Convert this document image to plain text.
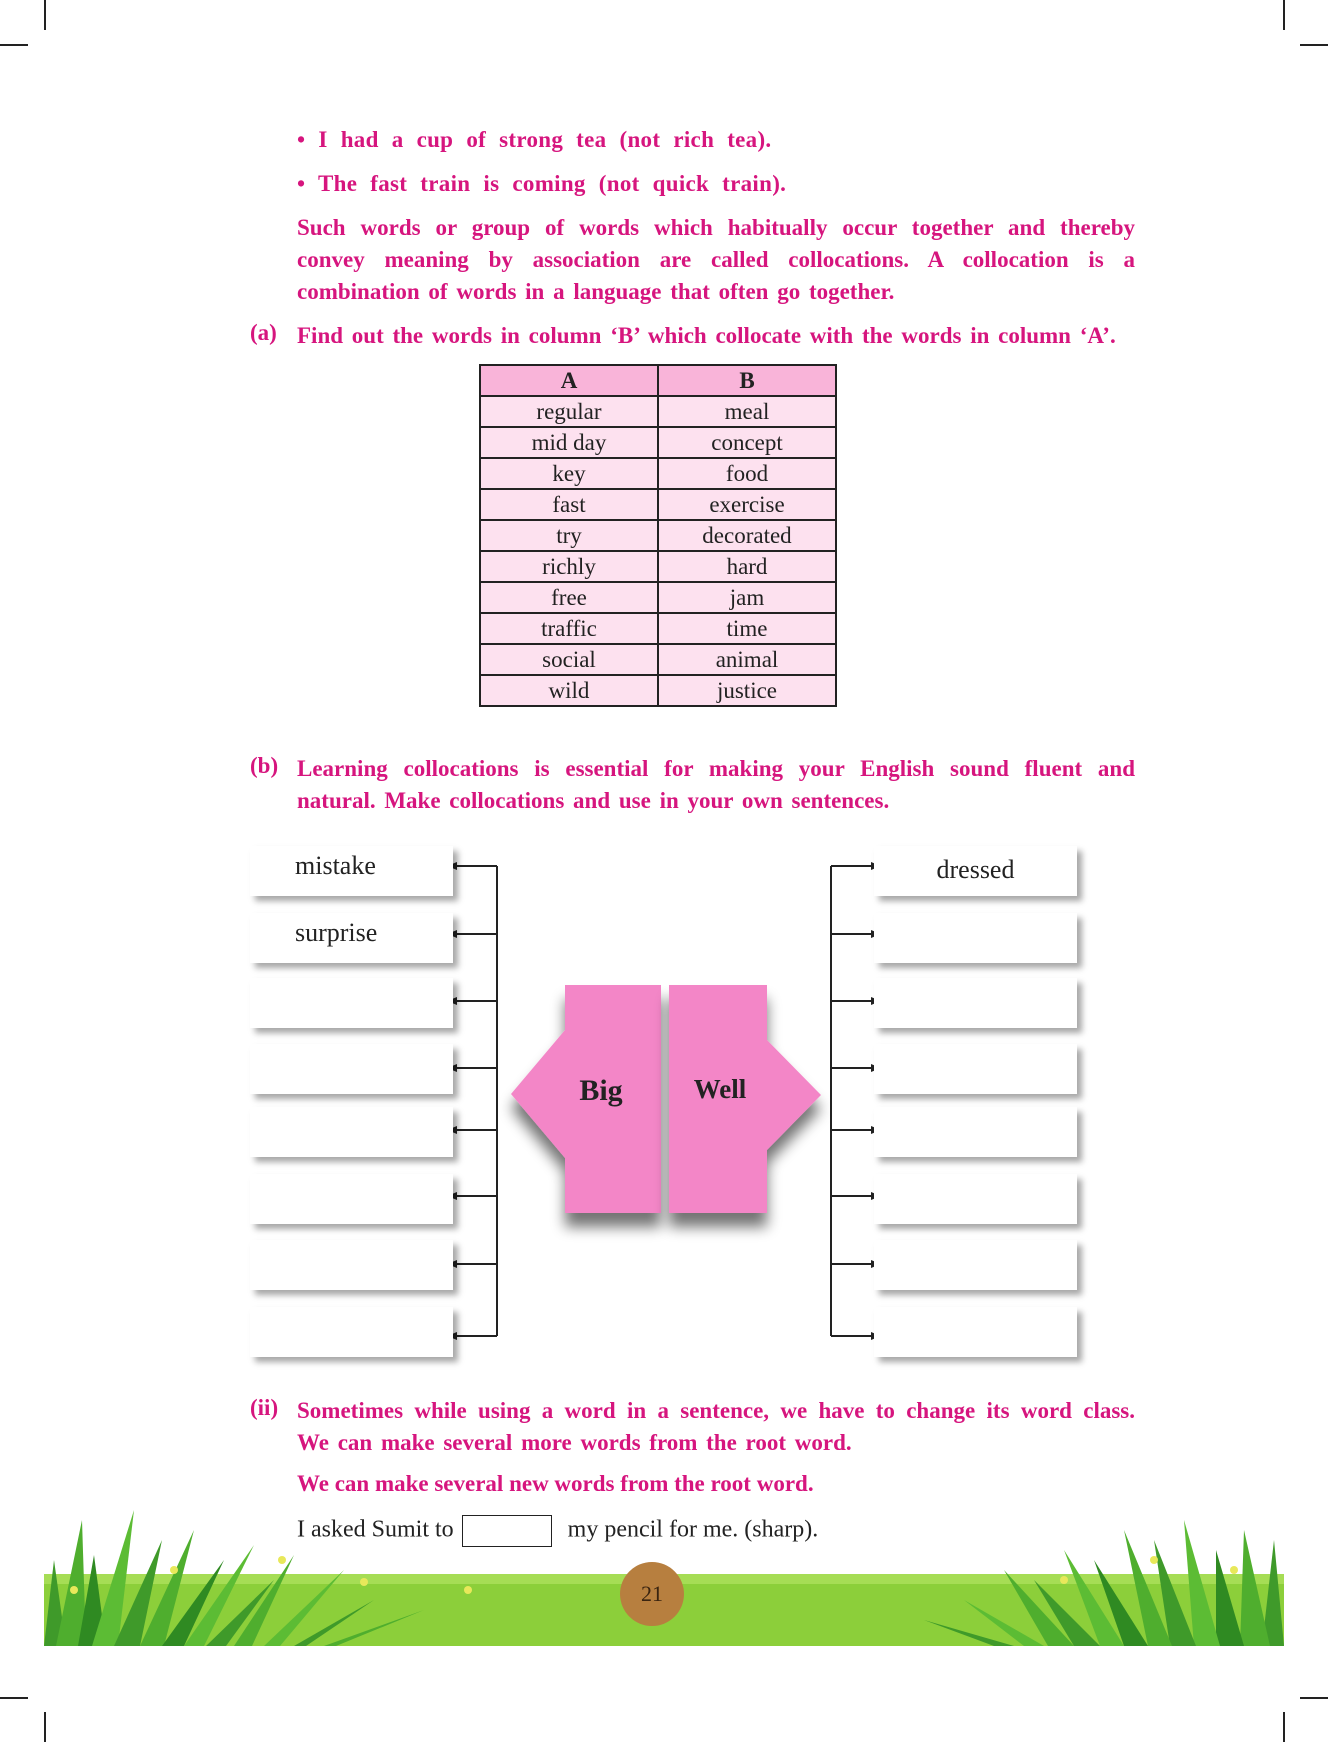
• I had a cup of strong tea (not rich tea).
• The fast train is coming (not quick train).
Such words or group of words which habitually occur together and thereby convey meaning by association are called collocations. A collocation is a combination of words in a language that often go together.
(a) Find out the words in column ‘B’ which collocate with the words in column ‘A’.
A	B
regular	meal
mid day	concept
key	food
fast	exercise
try	decorated
richly	hard
free	jam
traffic	time
social	animal
wild	justice
(b) Learning collocations is essential for making your English sound fluent and natural. Make collocations and use in your own sentences.
Big	Well
mistake
surprise
dressed
(ii) Sometimes while using a word in a sentence, we have to change its word class. We can make several more words from the root word.
We can make several new words from the root word.
I asked Sumit to	my pencil for me. (sharp).
21
